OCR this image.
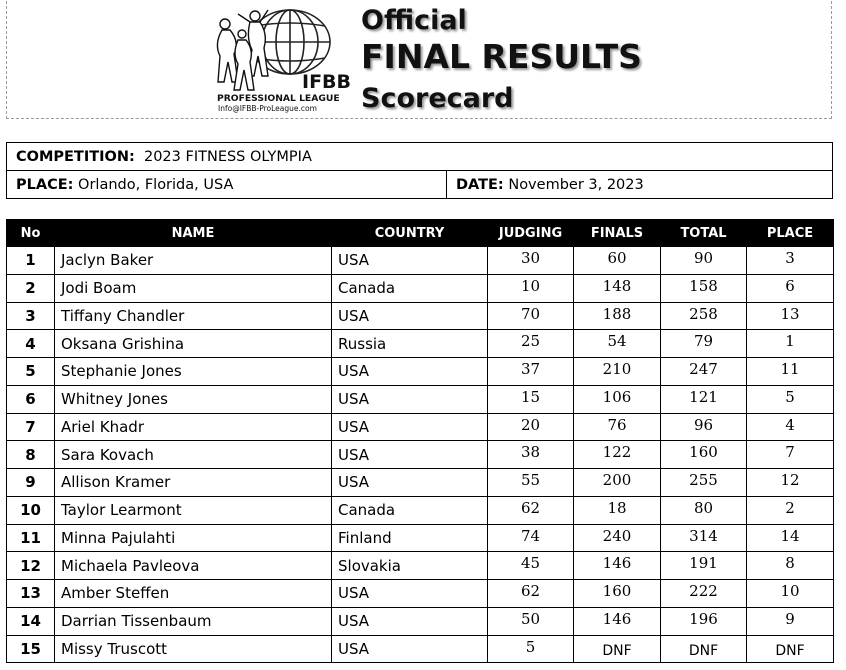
IFBB
PROFESSIONAL LEAGUE
Info@IFBB-ProLeague.com
Official
FINAL RESULTS
Scorecard
COMPETITION: 2023 FITNESS OLYMPIA
PLACE: Orlando, Florida, USA	DATE: November 3, 2023
No	NAME	COUNTRY	JUDGING	FINALS	TOTAL	PLACE
1	Jaclyn Baker	USA	30	60	90	3
2	Jodi Boam	Canada	10	148	158	6
3	Tiffany Chandler	USA	70	188	258	13
4	Oksana Grishina	Russia	25	54	79	1
5	Stephanie Jones	USA	37	210	247	11
6	Whitney Jones	USA	15	106	121	5
7	Ariel Khadr	USA	20	76	96	4
8	Sara Kovach	USA	38	122	160	7
9	Allison Kramer	USA	55	200	255	12
10	Taylor Learmont	Canada	62	18	80	2
11	Minna Pajulahti	Finland	74	240	314	14
12	Michaela Pavleova	Slovakia	45	146	191	8
13	Amber Steffen	USA	62	160	222	10
14	Darrian Tissenbaum	USA	50	146	196	9
15	Missy Truscott	USA	5	DNF	DNF	DNF
